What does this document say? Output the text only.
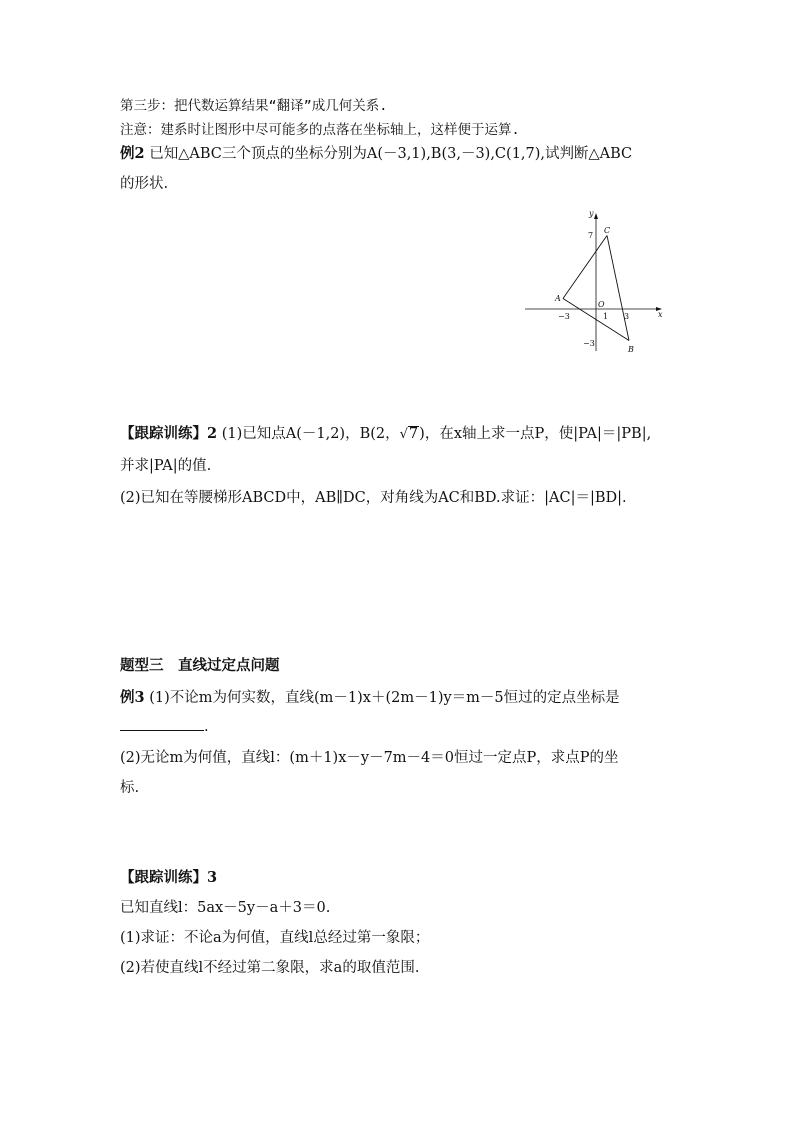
第三步：把代数运算结果“翻译”成几何关系.
注意：建系时让图形中尽可能多的点落在坐标轴上，这样便于运算.
例2 已知△ABC三个顶点的坐标分别为A(－3,1),B(3,－3),C(1,7),试判断△ABC
的形状.
x
y
O
A
B
C
−3	1 3
7
−3
【跟踪训练】2 (1)已知点A(－1,2)，B(2，√7)，在x轴上求一点P，使|PA|＝|PB|,
并求|PA|的值.
(2)已知在等腰梯形ABCD中，AB∥DC，对角线为AC和BD.求证：|AC|＝|BD|.
题型三　直线过定点问题
例3 (1)不论m为何实数，直线(m－1)x＋(2m－1)y＝m－5恒过的定点坐标是
.
(2)无论m为何值，直线l：(m＋1)x－y－7m－4＝0恒过一定点P，求点P的坐
标.
【跟踪训练】3
已知直线l：5ax－5y－a＋3＝0.
(1)求证：不论a为何值，直线l总经过第一象限；
(2)若使直线l不经过第二象限，求a的取值范围.
